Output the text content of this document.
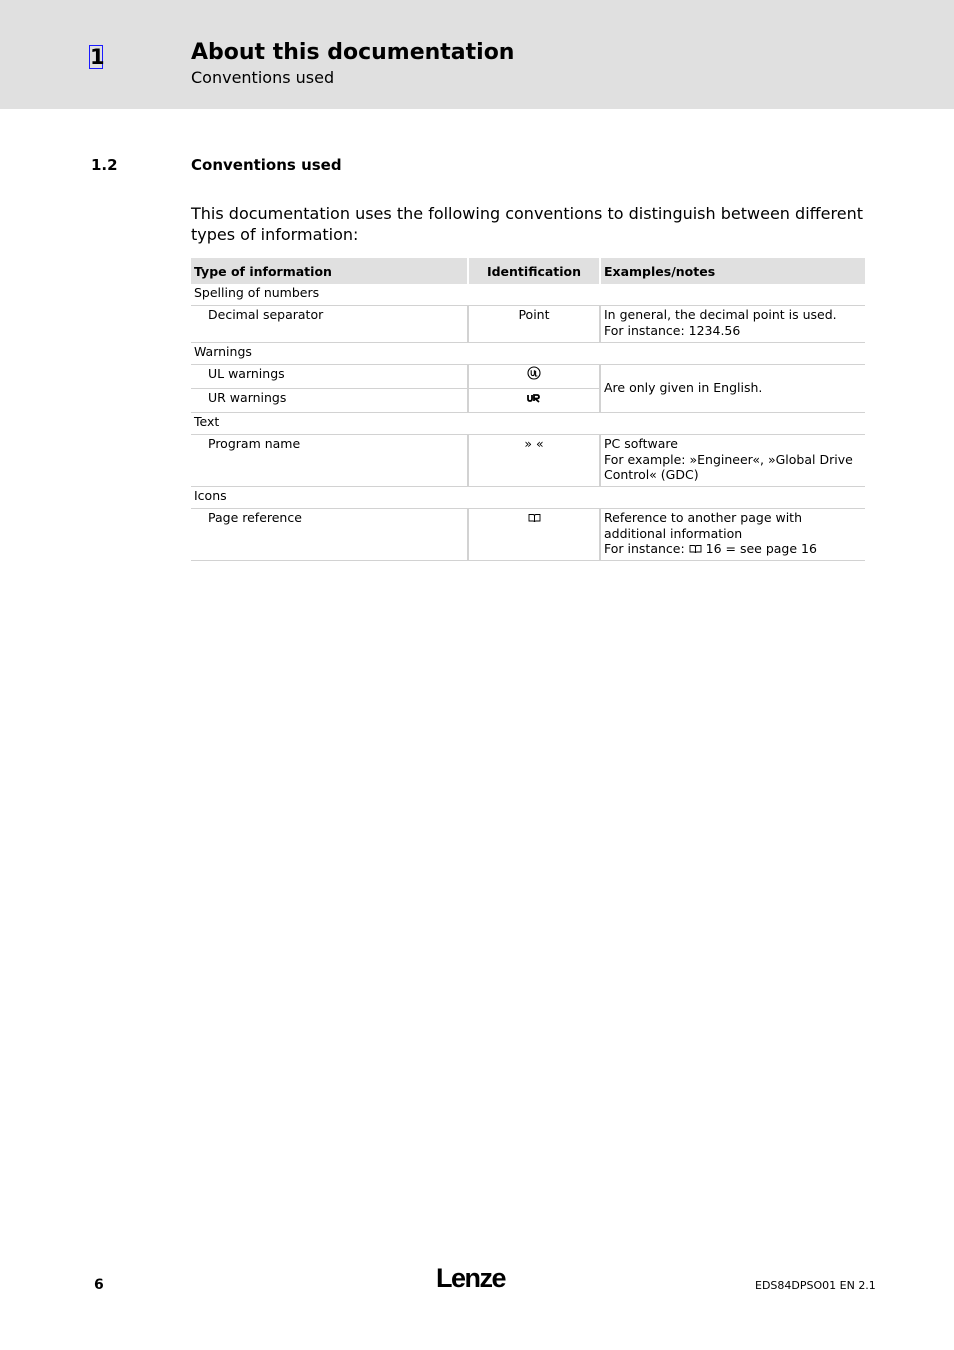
1	About this documentation
Conventions used
1.2	Conventions used
This documentation uses the following conventions to distinguish between different types of information:
Type of information	Identification	Examples/notes
Spelling of numbers		
Decimal separator	Point	In general, the decimal point is used.
For instance: 1234.56

Warnings		
UL warnings		Are only given in English.
UR warnings	
Text		
Program name	» «	PC software
For example: »Engineer«, »Global Drive Control« (GDC)

Icons		
Page reference		Reference to another page with additional information
For instance: 16 = see page 16
6	Lenze	EDS84DPSO01 EN 2.1
